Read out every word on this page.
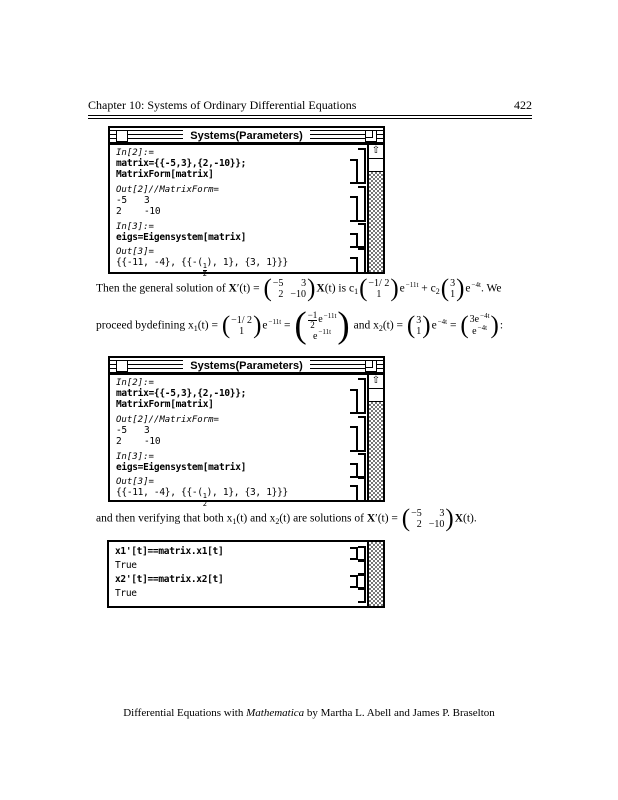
Chapter 10: Systems of Ordinary Differential Equations	422
Systems(Parameters)
In[2]:=
matrix={{-5,3},{2,-10}};
MatrixForm[matrix]
Out[2]//MatrixForm=
-5 3
2 -10
In[3]:=
eigs=Eigensystem[matrix]
Out[3]=
{{-11, -4}, {{-(
$\frac{1}{2}$
), 1}, {3, 1}}}
⇧
Then the general solution of X′(t) = ( −5 3
2 −10 ) X(t) is $c_1$ ( −1/ 2
1 ) $e^{-11t} + c_2$ ( 3
1 ) $e^{-4t}$. We
proceed bydefining $x_1(t)$ = ( −1/ 2
1 ) $e^{-11t}$ = ( $\frac{-1}{2}$ e −11t
e −11t ) and $x_2(t)$ = ( 3
1 ) $e^{-4t}$ = ( 3e −4t
e −4t ) :
Systems(Parameters)
In[2]:=
matrix={{-5,3},{2,-10}};
MatrixForm[matrix]
Out[2]//MatrixForm=
-5 3
2 -10
In[3]:=
eigs=Eigensystem[matrix]
Out[3]=
{{-11, -4}, {{-(
$\frac{1}{2}$
), 1}, {3, 1}}}
⇧
and then verifying that both $x_1(t)$ and $x_2(t)$ are solutions of X′(t) = ( −5 3
2 −10 ) X(t).
x1'[t]==matrix.x1[t]
True
x2'[t]==matrix.x2[t]
True
Differential Equations with Mathematica by Martha L. Abell and James P. Braselton
